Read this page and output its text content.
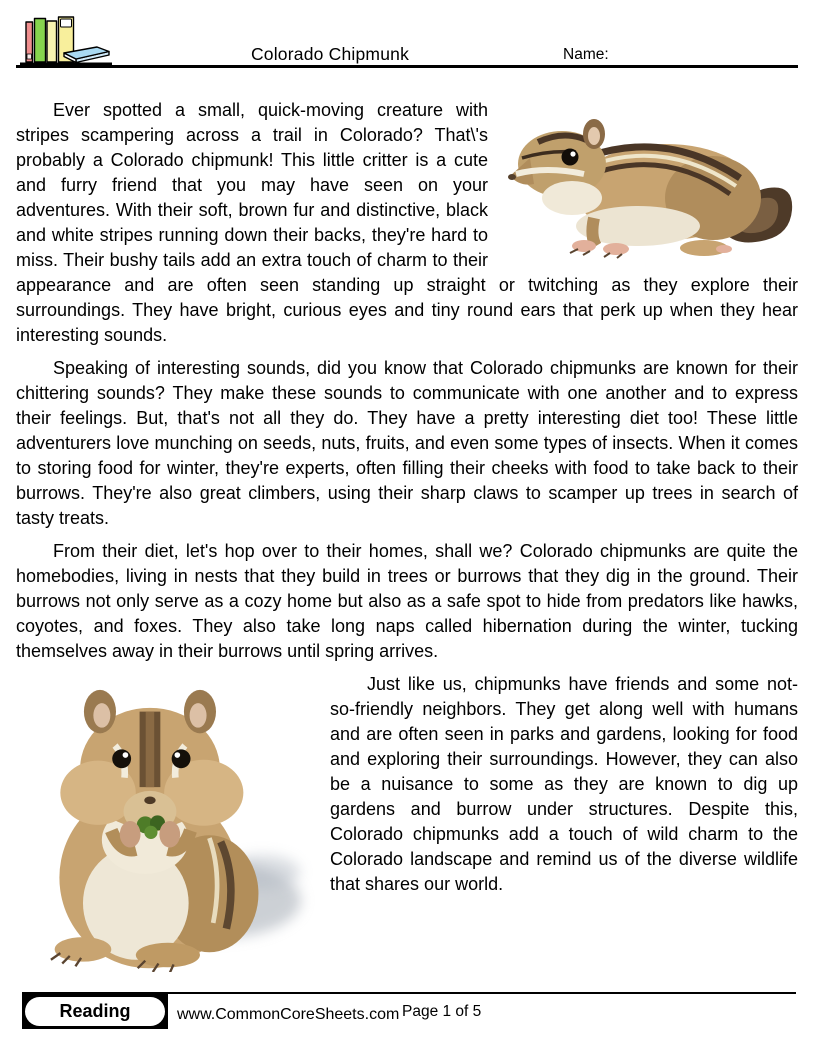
Colorado Chipmunk	Name:

Ever spotted a small, quick-moving creature with stripes scampering across a trail in Colorado? That\'s probably a Colorado chipmunk! This little critter is a cute and furry friend that you may have seen on your adventures. With their soft, brown fur and distinctive, black and white stripes running down their backs, they're hard to miss. Their bushy tails add an extra touch of charm to their appearance and are often seen standing up straight or twitching as they explore their surroundings. They have bright, curious eyes and tiny round ears that perk up when they hear interesting sounds.

Speaking of interesting sounds, did you know that Colorado chipmunks are known for their chittering sounds? They make these sounds to communicate with one another and to express their feelings. But, that's not all they do. They have a pretty interesting diet too! These little adventurers love munching on seeds, nuts, fruits, and even some types of insects. When it comes to storing food for winter, they're experts, often filling their cheeks with food to take back to their burrows. They're also great climbers, using their sharp claws to scamper up trees in search of tasty treats.

From their diet, let's hop over to their homes, shall we? Colorado chipmunks are quite the homebodies, living in nests that they build in trees or burrows that they dig in the ground. Their burrows not only serve as a cozy home but also as a safe spot to hide from predators like hawks, coyotes, and foxes. They also take long naps called hibernation during the winter, tucking themselves away in their burrows until spring arrives.

Just like us, chipmunks have friends and some not-so-friendly neighbors. They get along well with humans and are often seen in parks and gardens, looking for food and exploring their surroundings. However, they can also be a nuisance to some as they are known to dig up gardens and burrow under structures. Despite this, Colorado chipmunks add a touch of wild charm to the Colorado landscape and remind us of the diverse wildlife that shares our world.

Reading	www.CommonCoreSheets.com Page 1 of 5
